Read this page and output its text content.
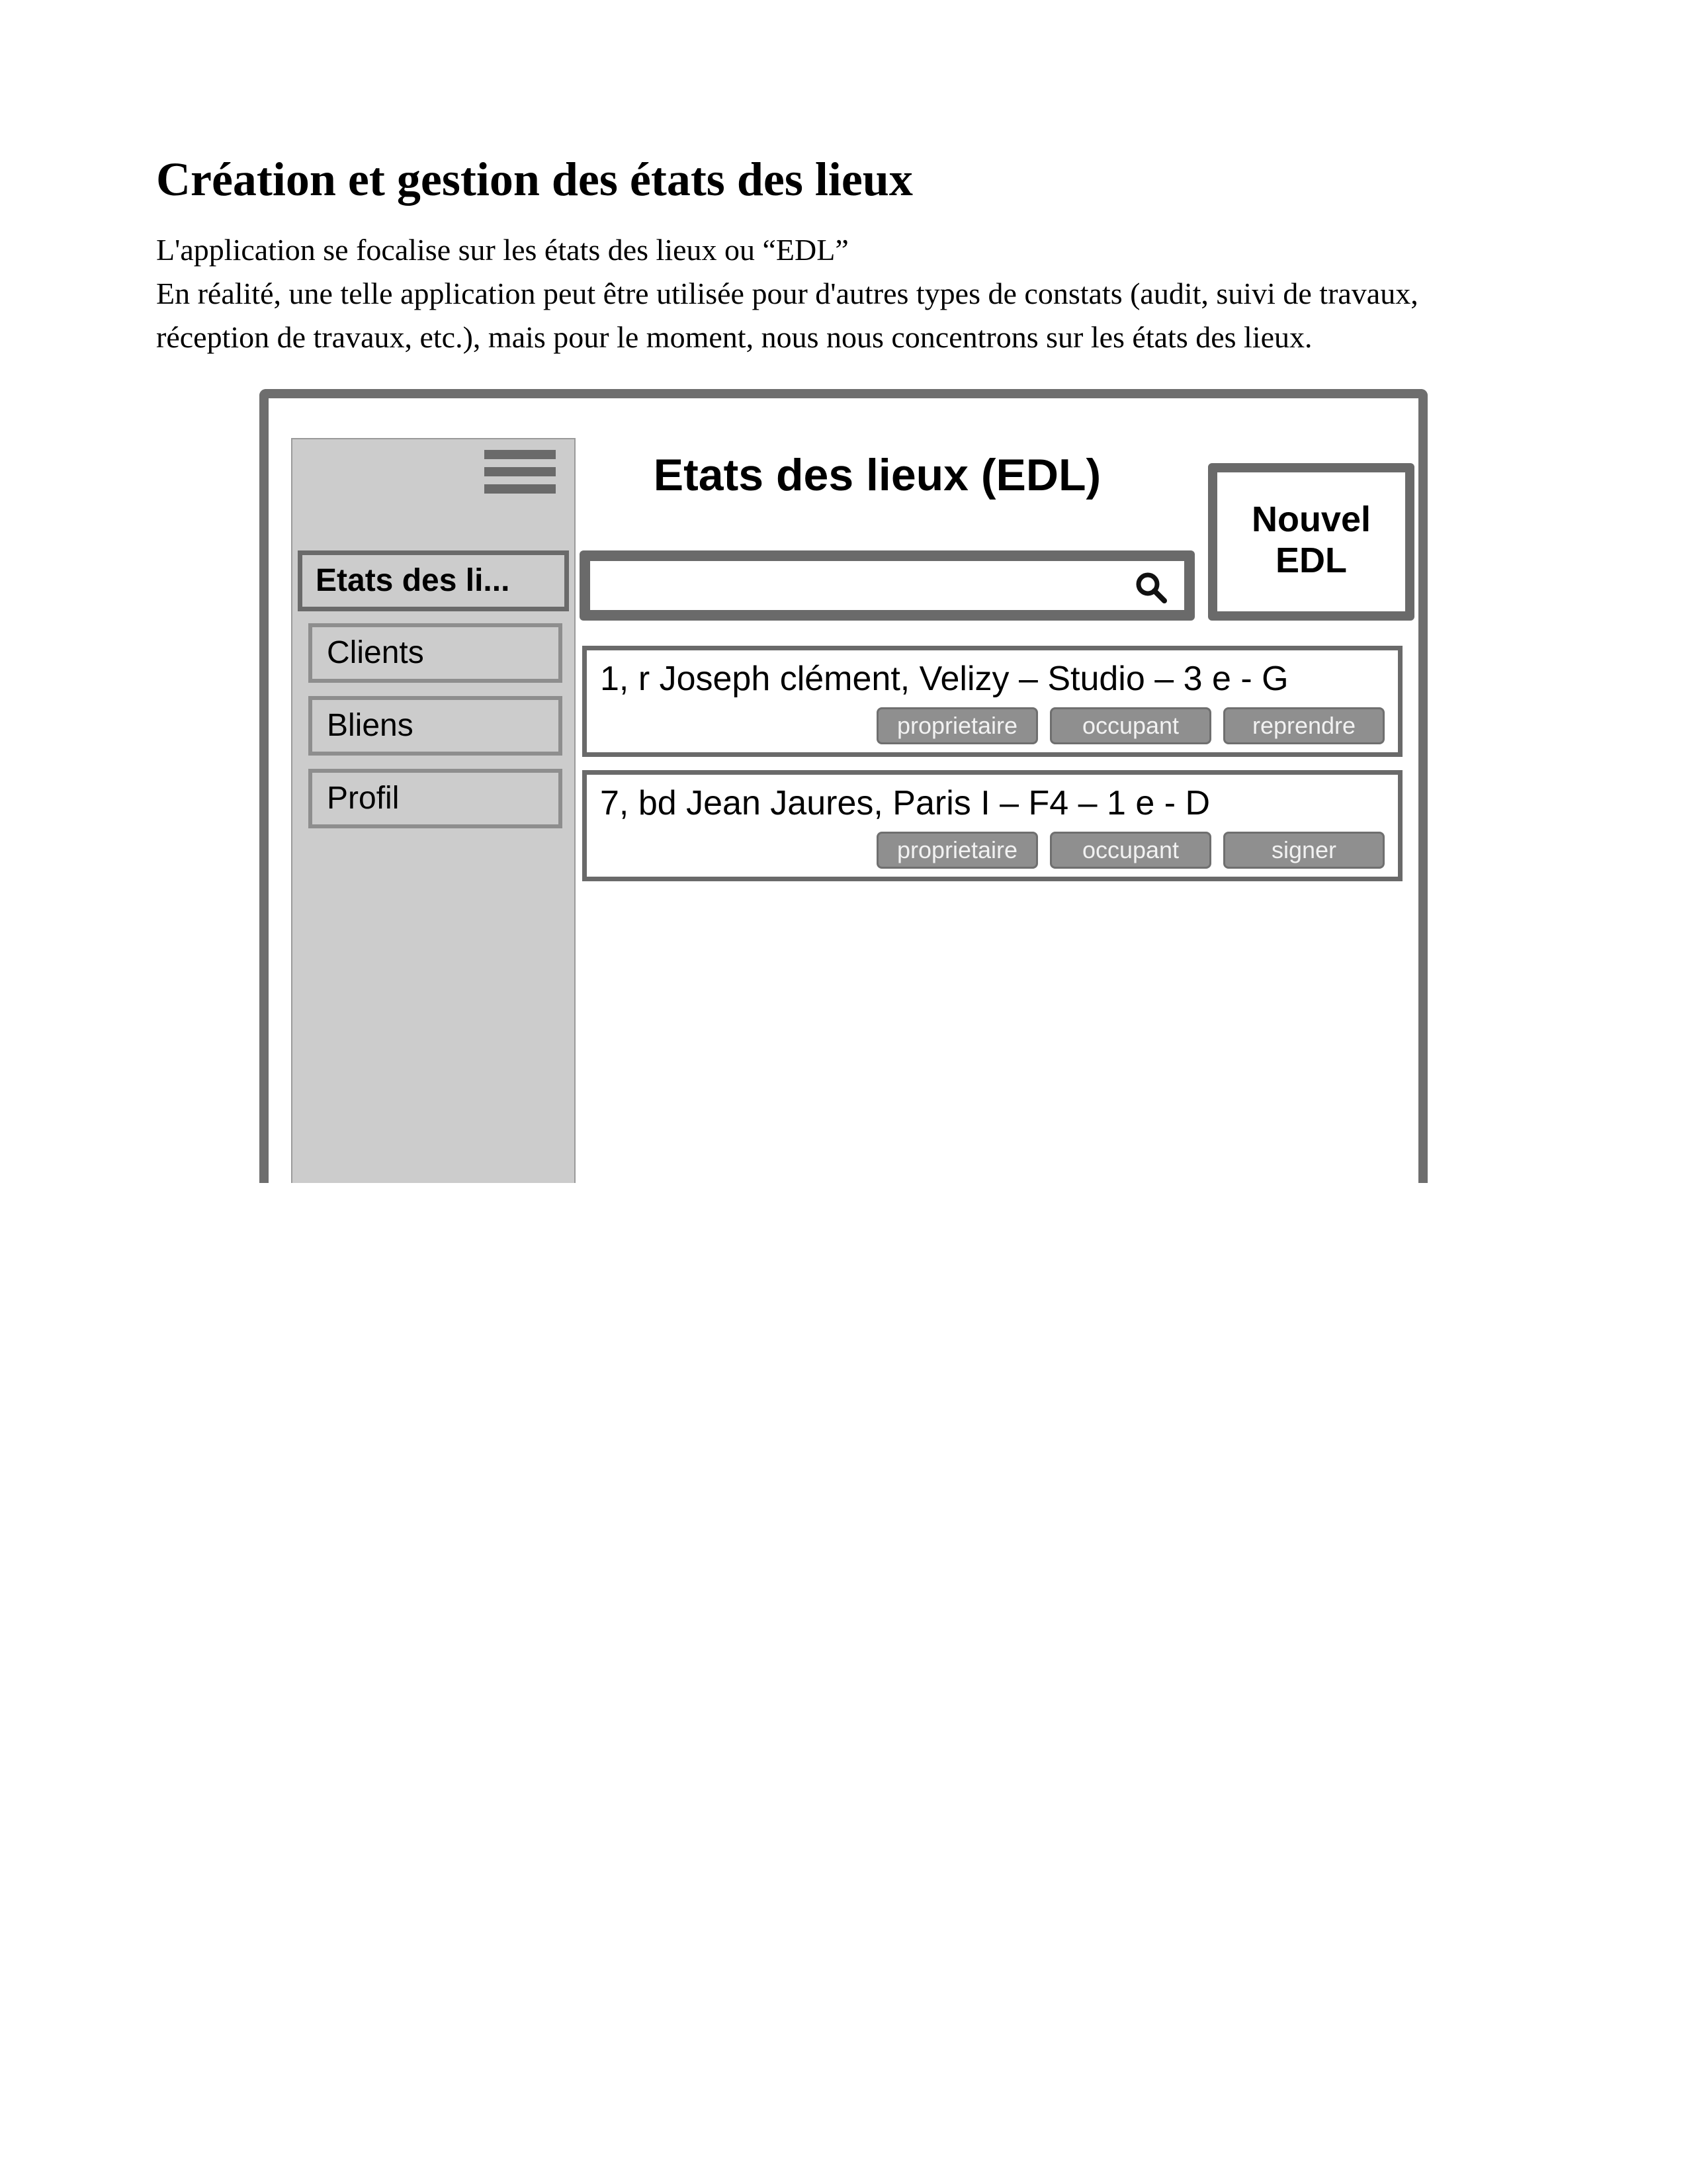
Création et gestion des états des lieux

L'application se focalise sur les états des lieux ou “EDL”

En réalité, une telle application peut être utilisée pour d'autres types de constats (audit, suivi de travaux,

réception de travaux, etc.), mais pour le moment, nous nous concentrons sur les états des lieux.

Etats des li...
Clients
Bliens
Profil
Etats des lieux (EDL)
Nouvel
EDL
1, r Joseph clément, Velizy – Studio – 3 e - G
proprietaire	occupant	reprendre
7, bd Jean Jaures, Paris I – F4 – 1 e - D
proprietaire	occupant	signer
